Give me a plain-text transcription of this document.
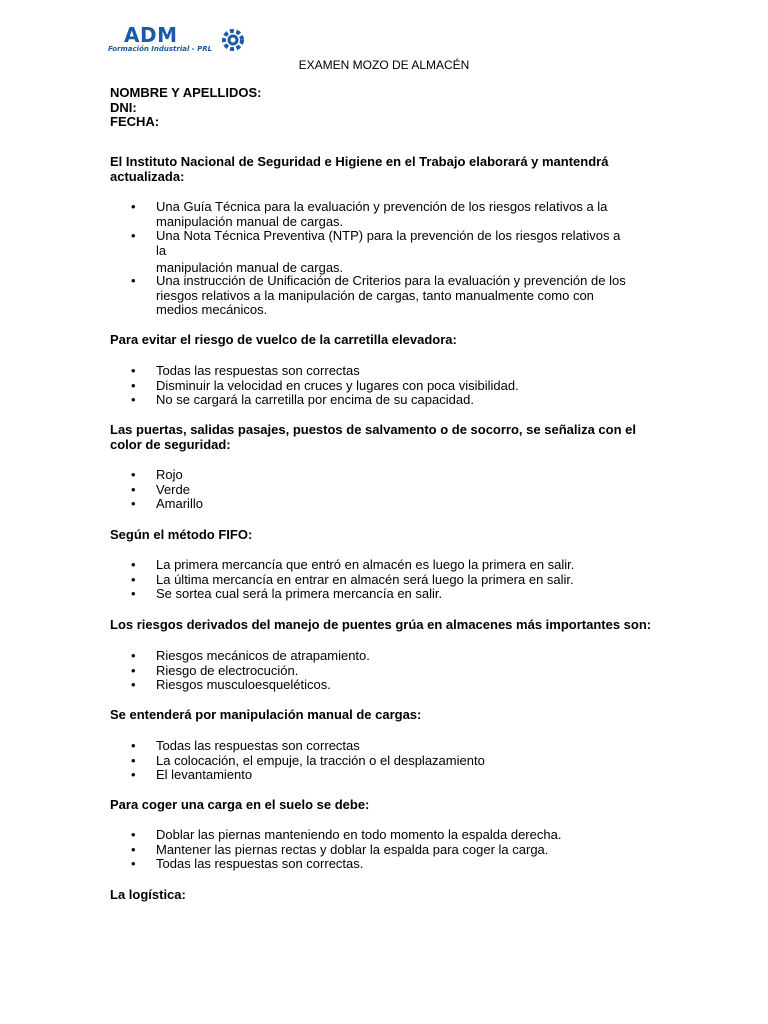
ADM
Formación Industrial - PRL
EXAMEN MOZO DE ALMACÉN
NOMBRE Y APELLIDOS:
DNI:
FECHA:
El Instituto Nacional de Seguridad e Higiene en el Trabajo elaborará y mantendrá actualizada:
• Una Guía Técnica para la evaluación y prevención de los riesgos relativos a la manipulación manual de cargas.
• Una Nota Técnica Preventiva (NTP) para la prevención de los riesgos relativos a la
manipulación manual de cargas.
• Una instrucción de Unificación de Criterios para la evaluación y prevención de los riesgos relativos a la manipulación de cargas, tanto manualmente como con medios mecánicos.
Para evitar el riesgo de vuelco de la carretilla elevadora:
• Todas las respuestas son correctas
• Disminuir la velocidad en cruces y lugares con poca visibilidad.
• No se cargará la carretilla por encima de su capacidad.
Las puertas, salidas pasajes, puestos de salvamento o de socorro, se señaliza con el color de seguridad:
• Rojo
• Verde
• Amarillo
Según el método FIFO:
• La primera mercancía que entró en almacén es luego la primera en salir.
• La última mercancía en entrar en almacén será luego la primera en salir.
• Se sortea cual será la primera mercancía en salir.
Los riesgos derivados del manejo de puentes grúa en almacenes más importantes son:
• Riesgos mecánicos de atrapamiento.
• Riesgo de electrocución.
• Riesgos musculoesqueléticos.
Se entenderá por manipulación manual de cargas:
• Todas las respuestas son correctas
• La colocación, el empuje, la tracción o el desplazamiento
• El levantamiento
Para coger una carga en el suelo se debe:
• Doblar las piernas manteniendo en todo momento la espalda derecha.
• Mantener las piernas rectas y doblar la espalda para coger la carga.
• Todas las respuestas son correctas.
La logística:
